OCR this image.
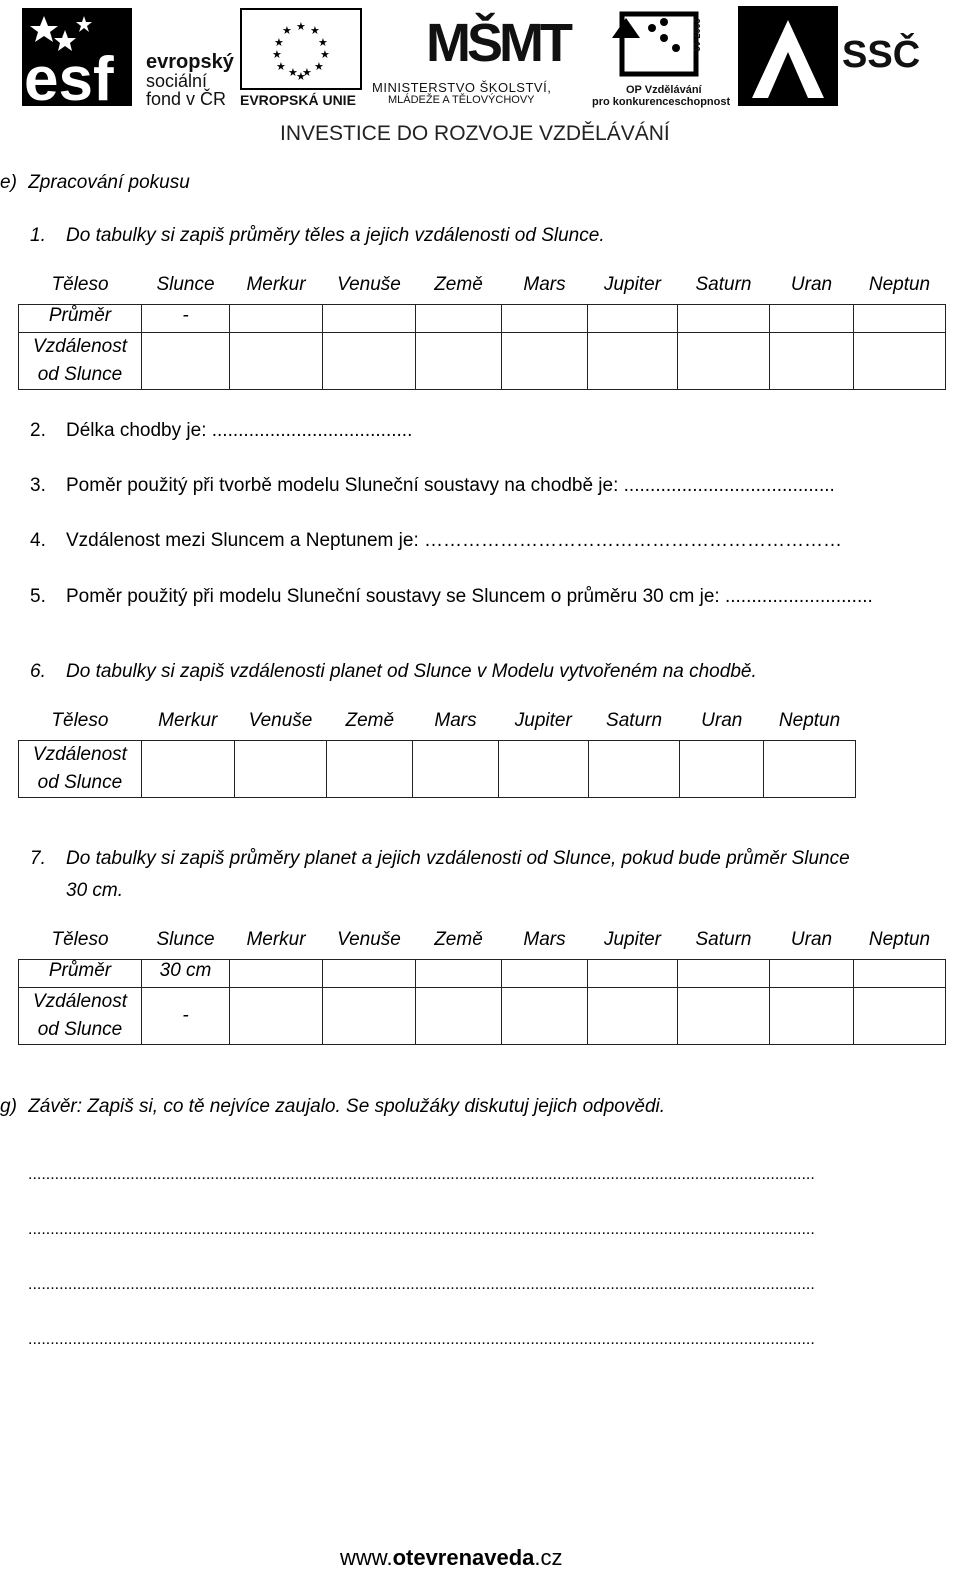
esf evropský
sociální
fond v ČR
★ ★
★
★
★
★
★
★
★
★
★
★
EVROPSKÁ UNIE
MŠMT
MINISTERSTVO ŠKOLSTVÍ,
MLÁDEŽE A TĚLOVÝCHOVY
2007-13
OP Vzdělávání
pro konkurenceschopnost
SSČ
INVESTICE DO ROZVOJE VZDĚLÁVÁNÍ
e) Zpracování pokusu
1. Do tabulky si zapiš průměry těles a jejich vzdálenosti od Slunce.
Těleso	Slunce	Merkur	Venuše	Země	Mars	Jupiter	Saturn	Uran	Neptun
Průměr	-								

Vzdálenost
od Slunce									

2. Délka chodby je: ......................................
3. Poměr použitý při tvorbě modelu Sluneční soustavy na chodbě je: ........................................
4. Vzdálenost mezi Sluncem a Neptunem je: …………………………………………………………
5. Poměr použitý při modelu Sluneční soustavy se Sluncem o průměru 30 cm je: ............................
6. Do tabulky si zapiš vzdálenosti planet od Slunce v Modelu vytvořeném na chodbě.
Těleso	Merkur	Venuše	Země	Mars	Jupiter	Saturn	Uran	Neptun

Vzdálenost
od Slunce								

7. Do tabulky si zapiš průměry planet a jejich vzdálenosti od Slunce, pokud bude průměr Slunce
30 cm.
Těleso	Slunce	Merkur	Venuše	Země	Mars	Jupiter	Saturn	Uran	Neptun
Průměr	30 cm								

Vzdálenost
od Slunce	-								
g) Závěr: Zapiš si, co tě nejvíce zaujalo. Se spolužáky diskutuj jejich odpovědi.
.................................................................................................................................................................................
.................................................................................................................................................................................
.................................................................................................................................................................................
.................................................................................................................................................................................
www.otevrenaveda.cz
